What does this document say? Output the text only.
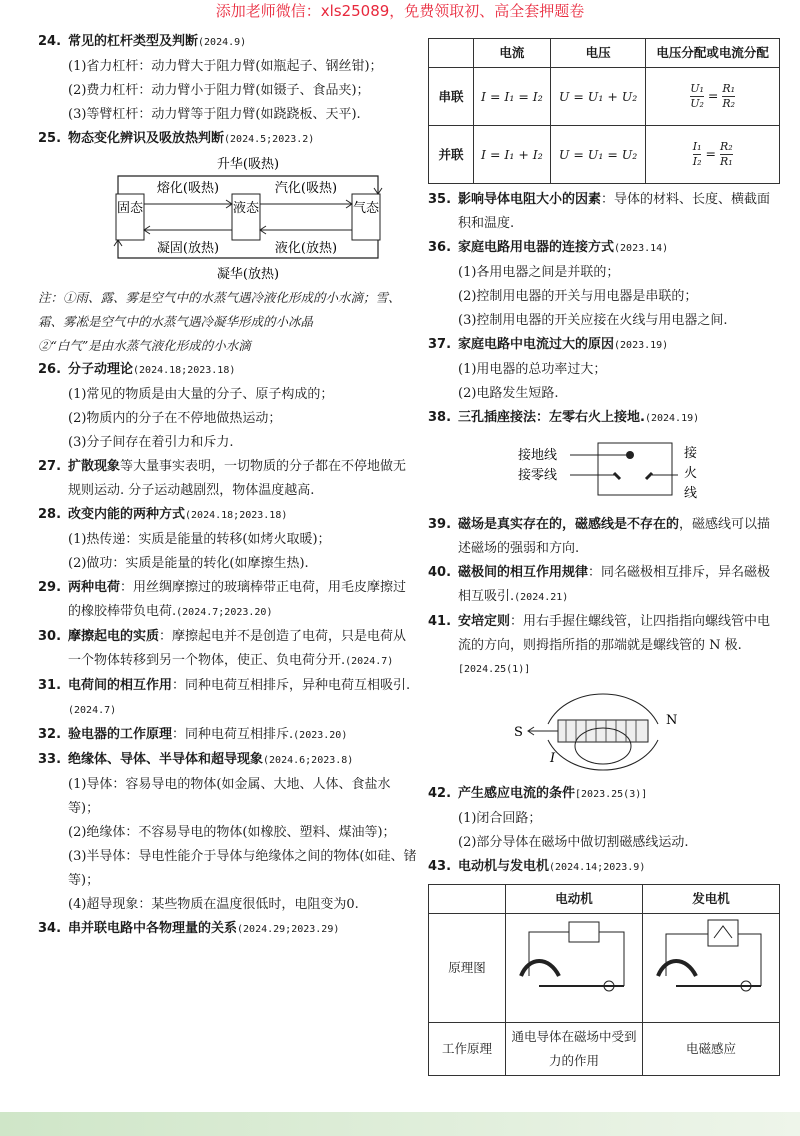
添加老师微信：xls25089，免费领取初、高全套押题卷
24. 常见的杠杆类型及判断(2024.9)
(1)省力杠杆：动力臂大于阻力臂(如瓶起子、钢丝钳)；
(2)费力杠杆：动力臂小于阻力臂(如镊子、食品夹)；
(3)等臂杠杆：动力臂等于阻力臂(如跷跷板、天平).
25. 物态变化辨识及吸放热判断(2024.5;2023.2)
升华(吸热)
固态	液态	气态
熔化(吸热)	汽化(吸热)
凝固(放热)	液化(放热)
凝华(放热)
注：①雨、露、雾是空气中的水蒸气遇冷液化形成的小水滴；雪、霜、雾凇是空气中的水蒸气遇冷凝华形成的小冰晶
②“白气”是由水蒸气液化形成的小水滴
26. 分子动理论(2024.18;2023.18)
(1)常见的物质是由大量的分子、原子构成的；
(2)物质内的分子在不停地做热运动；
(3)分子间存在着引力和斥力.
27. 扩散现象等大量事实表明，一切物质的分子都在不停地做无规则运动. 分子运动越剧烈，物体温度越高.
28. 改变内能的两种方式(2024.18;2023.18)
(1)热传递：实质是能量的转移(如烤火取暖)；
(2)做功：实质是能量的转化(如摩擦生热).
29. 两种电荷：用丝绸摩擦过的玻璃棒带正电荷，用毛皮摩擦过的橡胶棒带负电荷.(2024.7;2023.20)
30. 摩擦起电的实质：摩擦起电并不是创造了电荷，只是电荷从一个物体转移到另一个物体，使正、负电荷分开.(2024.7)
31. 电荷间的相互作用：同种电荷互相排斥，异种电荷互相吸引.(2024.7)
32. 验电器的工作原理：同种电荷互相排斥.(2023.20)
33. 绝缘体、导体、半导体和超导现象(2024.6;2023.8)
(1)导体：容易导电的物体(如金属、大地、人体、食盐水等)；
(2)绝缘体：不容易导电的物体(如橡胶、塑料、煤油等)；
(3)半导体：导电性能介于导体与绝缘体之间的物体(如硅、锗等)；
(4)超导现象：某些物质在温度很低时，电阻变为0.
34. 串并联电路中各物理量的关系(2024.29;2023.29)
	电流	电压	电压分配或电流分配
串联	I = I₁ = I₂	U = U₁ + U₂	$\frac{\text{U₁}}{\text{U₂}} = \frac{\text{R₁}}{\text{R₂}}$

并联	I = I₁ + I₂	U = U₁ = U₂	$\frac{\text{I₁}}{\text{I₂}} = \frac{\text{R₂}}{\text{R₁}}$
35. 影响导体电阻大小的因素：导体的材料、长度、横截面积和温度.
36. 家庭电路用电器的连接方式(2023.14)
(1)各用电器之间是并联的；
(2)控制用电器的开关与用电器是串联的；
(3)控制用电器的开关应接在火线与用电器之间.
37. 家庭电路中电流过大的原因(2023.19)
(1)用电器的总功率过大；
(2)电路发生短路.
38. 三孔插座接法：左零右火上接地.(2024.19)
接地线
接零线
接
火
线
39. 磁场是真实存在的，磁感线是不存在的，磁感线可以描述磁场的强弱和方向.
40. 磁极间的相互作用规律：同名磁极相互排斥，异名磁极相互吸引.(2024.21)
41. 安培定则：用右手握住螺线管，让四指指向螺线管中电流的方向，则拇指所指的那端就是螺线管的 N 极.
[2024.25(1)]
S
N
I
42. 产生感应电流的条件[2023.25(3)]
(1)闭合回路；
(2)部分导体在磁场中做切割磁感线运动.
43. 电动机与发电机(2024.14;2023.9)
	电动机	发电机
原理图		
工作原理	通电导体在磁场中受到力的作用	电磁感应
